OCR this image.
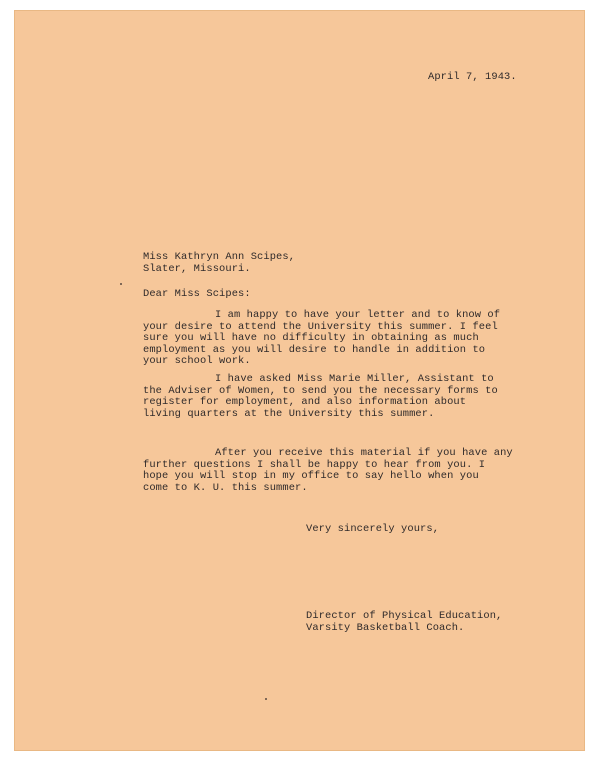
April 7, 1943.
Miss Kathryn Ann Scipes,
Slater, Missouri.
Dear Miss Scipes:
I am happy to have your letter and to know of
your desire to attend the University this summer. I feel
sure you will have no difficulty in obtaining as much
employment as you will desire to handle in addition to
your school work.
I have asked Miss Marie Miller, Assistant to
the Adviser of Women, to send you the necessary forms to
register for employment, and also information about
living quarters at the University this summer.
After you receive this material if you have any
further questions I shall be happy to hear from you. I
hope you will stop in my office to say hello when you
come to K. U. this summer.
Very sincerely yours,
Director of Physical Education,
Varsity Basketball Coach.
